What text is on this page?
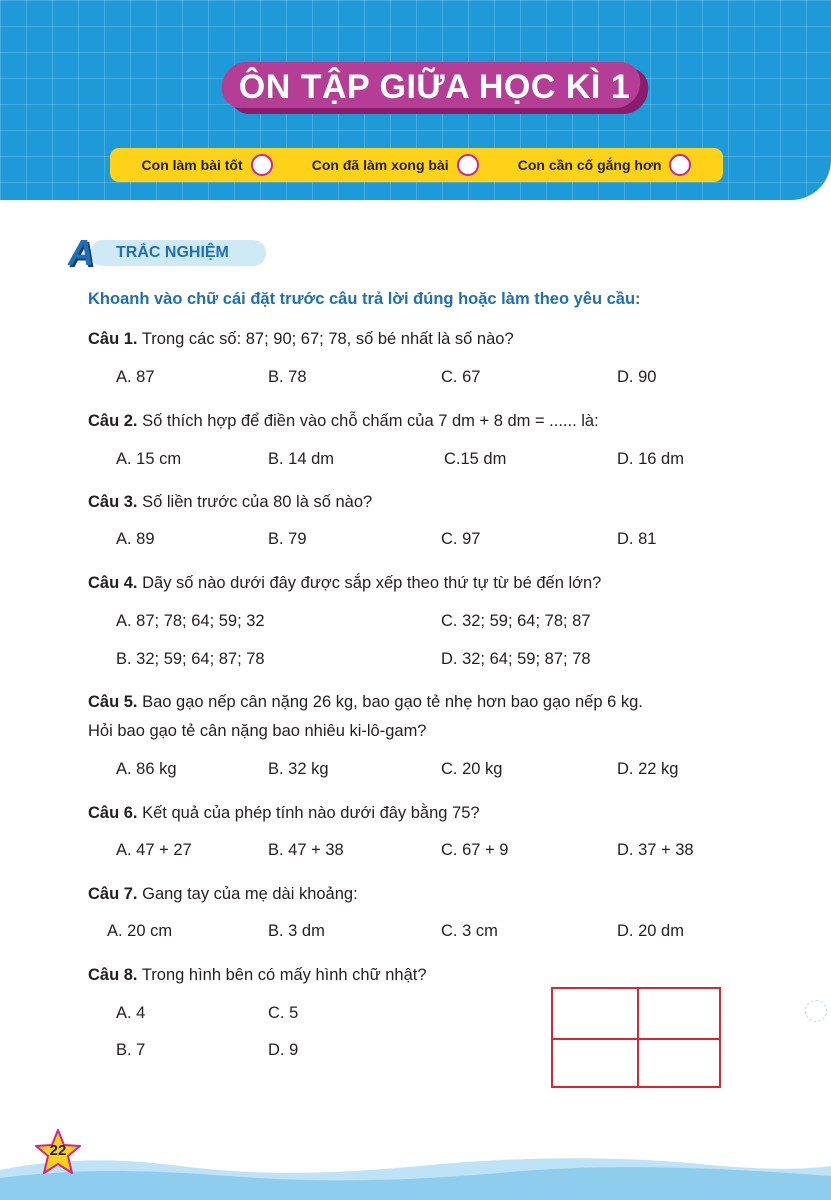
ÔN TẬP GIỮA HỌC KÌ 1
Con làm bài tốt	Con đã làm xong bài	Con cần cố gắng hơn
A	TRẮC NGHIỆM
Khoanh vào chữ cái đặt trước câu trả lời đúng hoặc làm theo yêu cầu:
Câu 1. Trong các số: 87; 90; 67; 78, số bé nhất là số nào?
A. 87	B. 78	C. 67	D. 90
Câu 2. Số thích hợp để điền vào chỗ chấm của 7 dm + 8 dm = ...... là:
A. 15 cm	B. 14 dm	C.15 dm	D. 16 dm
Câu 3. Số liền trước của 80 là số nào?
A. 89	B. 79	C. 97	D. 81
Câu 4. Dãy số nào dưới đây được sắp xếp theo thứ tự từ bé đến lớn?
A. 87; 78; 64; 59; 32	C. 32; 59; 64; 78; 87
B. 32; 59; 64; 87; 78	D. 32; 64; 59; 87; 78
Câu 5. Bao gạo nếp cân nặng 26 kg, bao gạo tẻ nhẹ hơn bao gạo nếp 6 kg.
Hỏi bao gạo tẻ cân nặng bao nhiêu ki-lô-gam?
A. 86 kg	B. 32 kg	C. 20 kg	D. 22 kg
Câu 6. Kết quả của phép tính nào dưới đây bằng 75?
A. 47 + 27	B. 47 + 38	C. 67 + 9	D. 37 + 38
Câu 7. Gang tay của mẹ dài khoảng:
A. 20 cm	B. 3 dm	C. 3 cm	D. 20 dm
Câu 8. Trong hình bên có mấy hình chữ nhật?
A. 4	C. 5
B. 7	D. 9
22
